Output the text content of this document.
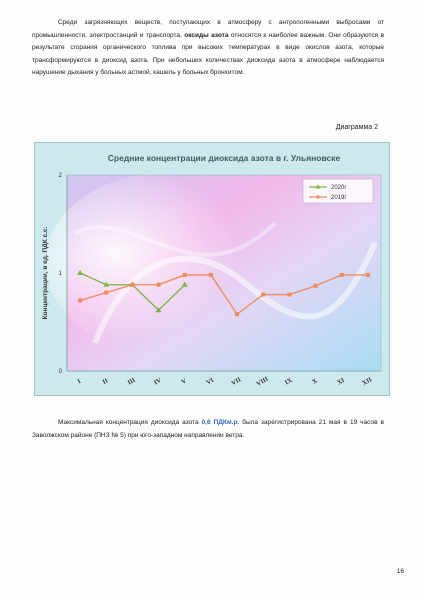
Среди загрязняющих веществ, поступающих в атмосферу с антропогенными выбросами от промышленности, электростанций и транспорта, оксиды азота относятся к наиболее важным. Они образуются в результате сгорания органического топлива при высоких температурах в виде окислов азота, которые трансформируются в диоксид азота. При небольших количествах диоксида азота в атмосфере наблюдается нарушение дыхания у больных астмой, кашель у больных бронхитом.
Диаграмма 2
Средние концентрации диоксида азота в г. Ульяновске
Концентрации, в ед. ПДК с.с.
0
1
2
I	II	III IV	V	VI VII VIII IX	X	XI XII
2020г
2019г
Максимальная концентрация диоксида азота 0,6 ПДКм.р. была зарегистрирована 21 мая в 19 часов в Заволжском районе (ПНЗ № 5) при юго-западном направлении ветра.
16
